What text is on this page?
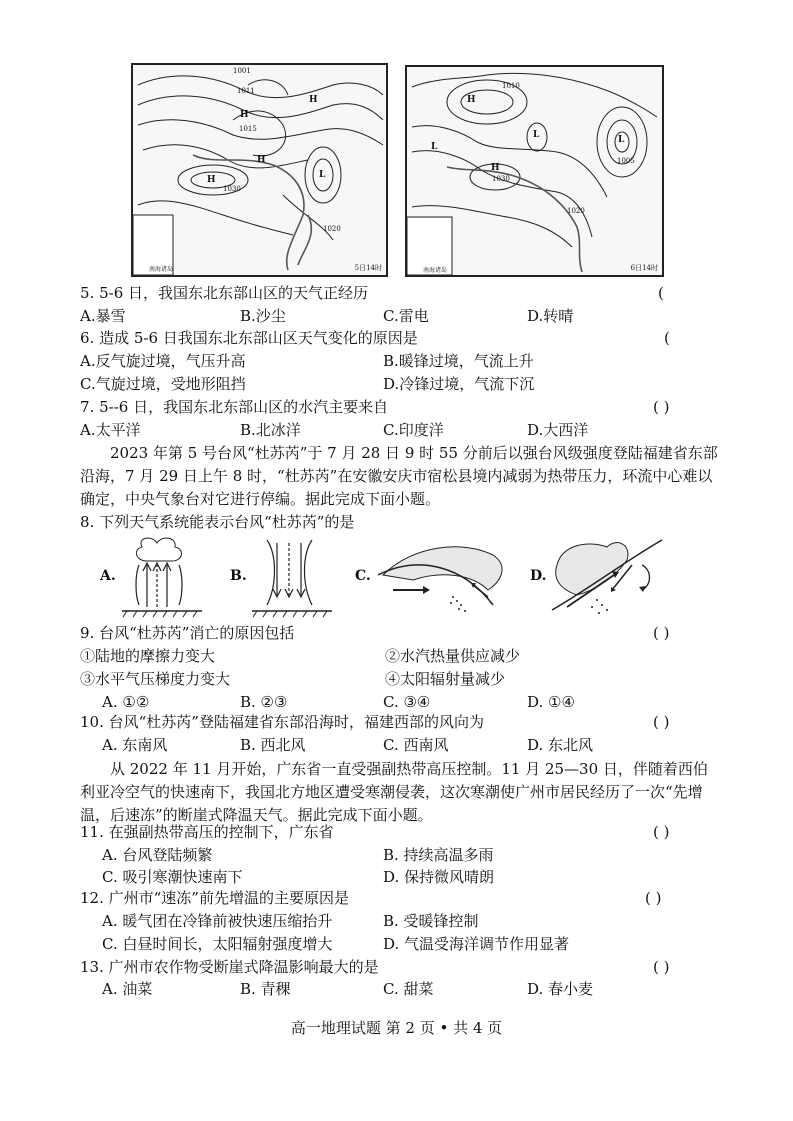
1001
1011
1015
1020
1030
H
H
H
H
L
南海诸岛	5日14时
1030
1020
1010
1005
H
L
L	L
H
南海诸岛	6日14时
5. 5-6 日，我国东北东部山区的天气正经历	(
A.暴雪	B.沙尘	C.雷电	D.转晴
6. 造成 5-6 日我国东北东部山区天气变化的原因是	(
A.反气旋过境，气压升高	B.暖锋过境，气流上升
C.气旋过境，受地形阻挡	D.冷锋过境，气流下沉
7. 5--6 日，我国东北东部山区的水汽主要来自	( )
A.太平洋	B.北冰洋	C.印度洋	D.大西洋
2023 年第 5 号台风“杜苏芮”于 7 月 28 日 9 时 55 分前后以强台风级强度登陆福建省东部沿海，7 月 29 日上午 8 时，“杜苏芮”在安徽安庆市宿松县境内减弱为热带压力，环流中心难以确定，中央气象台对它进行停编。据此完成下面小题。
8. 下列天气系统能表示台风“杜苏芮”的是
A.	B.	C.	D.
9. 台风“杜苏芮”消亡的原因包括	( )
①陆地的摩擦力变大	②水汽热量供应减少
③水平气压梯度力变大	④太阳辐射量减少
A. ①②	B. ②③	C. ③④	D. ①④
10. 台风“杜苏芮”登陆福建省东部沿海时，福建西部的风向为	( )
A. 东南风	B. 西北风	C. 西南风	D. 东北风
从 2022 年 11 月开始，广东省一直受强副热带高压控制。11 月 25—30 日，伴随着西伯利亚冷空气的快速南下，我国北方地区遭受寒潮侵袭，这次寒潮使广州市居民经历了一次“先增温，后速冻”的断崖式降温天气。据此完成下面小题。
11. 在强副热带高压的控制下，广东省	( )
A. 台风登陆频繁	B. 持续高温多雨
C. 吸引寒潮快速南下	D. 保持微风晴朗
12. 广州市“速冻”前先增温的主要原因是	( )
A. 暖气团在冷锋前被快速压缩抬升	B. 受暖锋控制
C. 白昼时间长，太阳辐射强度增大	D. 气温受海洋调节作用显著
13. 广州市农作物受断崖式降温影响最大的是	( )
A. 油菜	B. 青稞	C. 甜菜	D. 春小麦
高一地理试题 第 2 页 • 共 4 页
